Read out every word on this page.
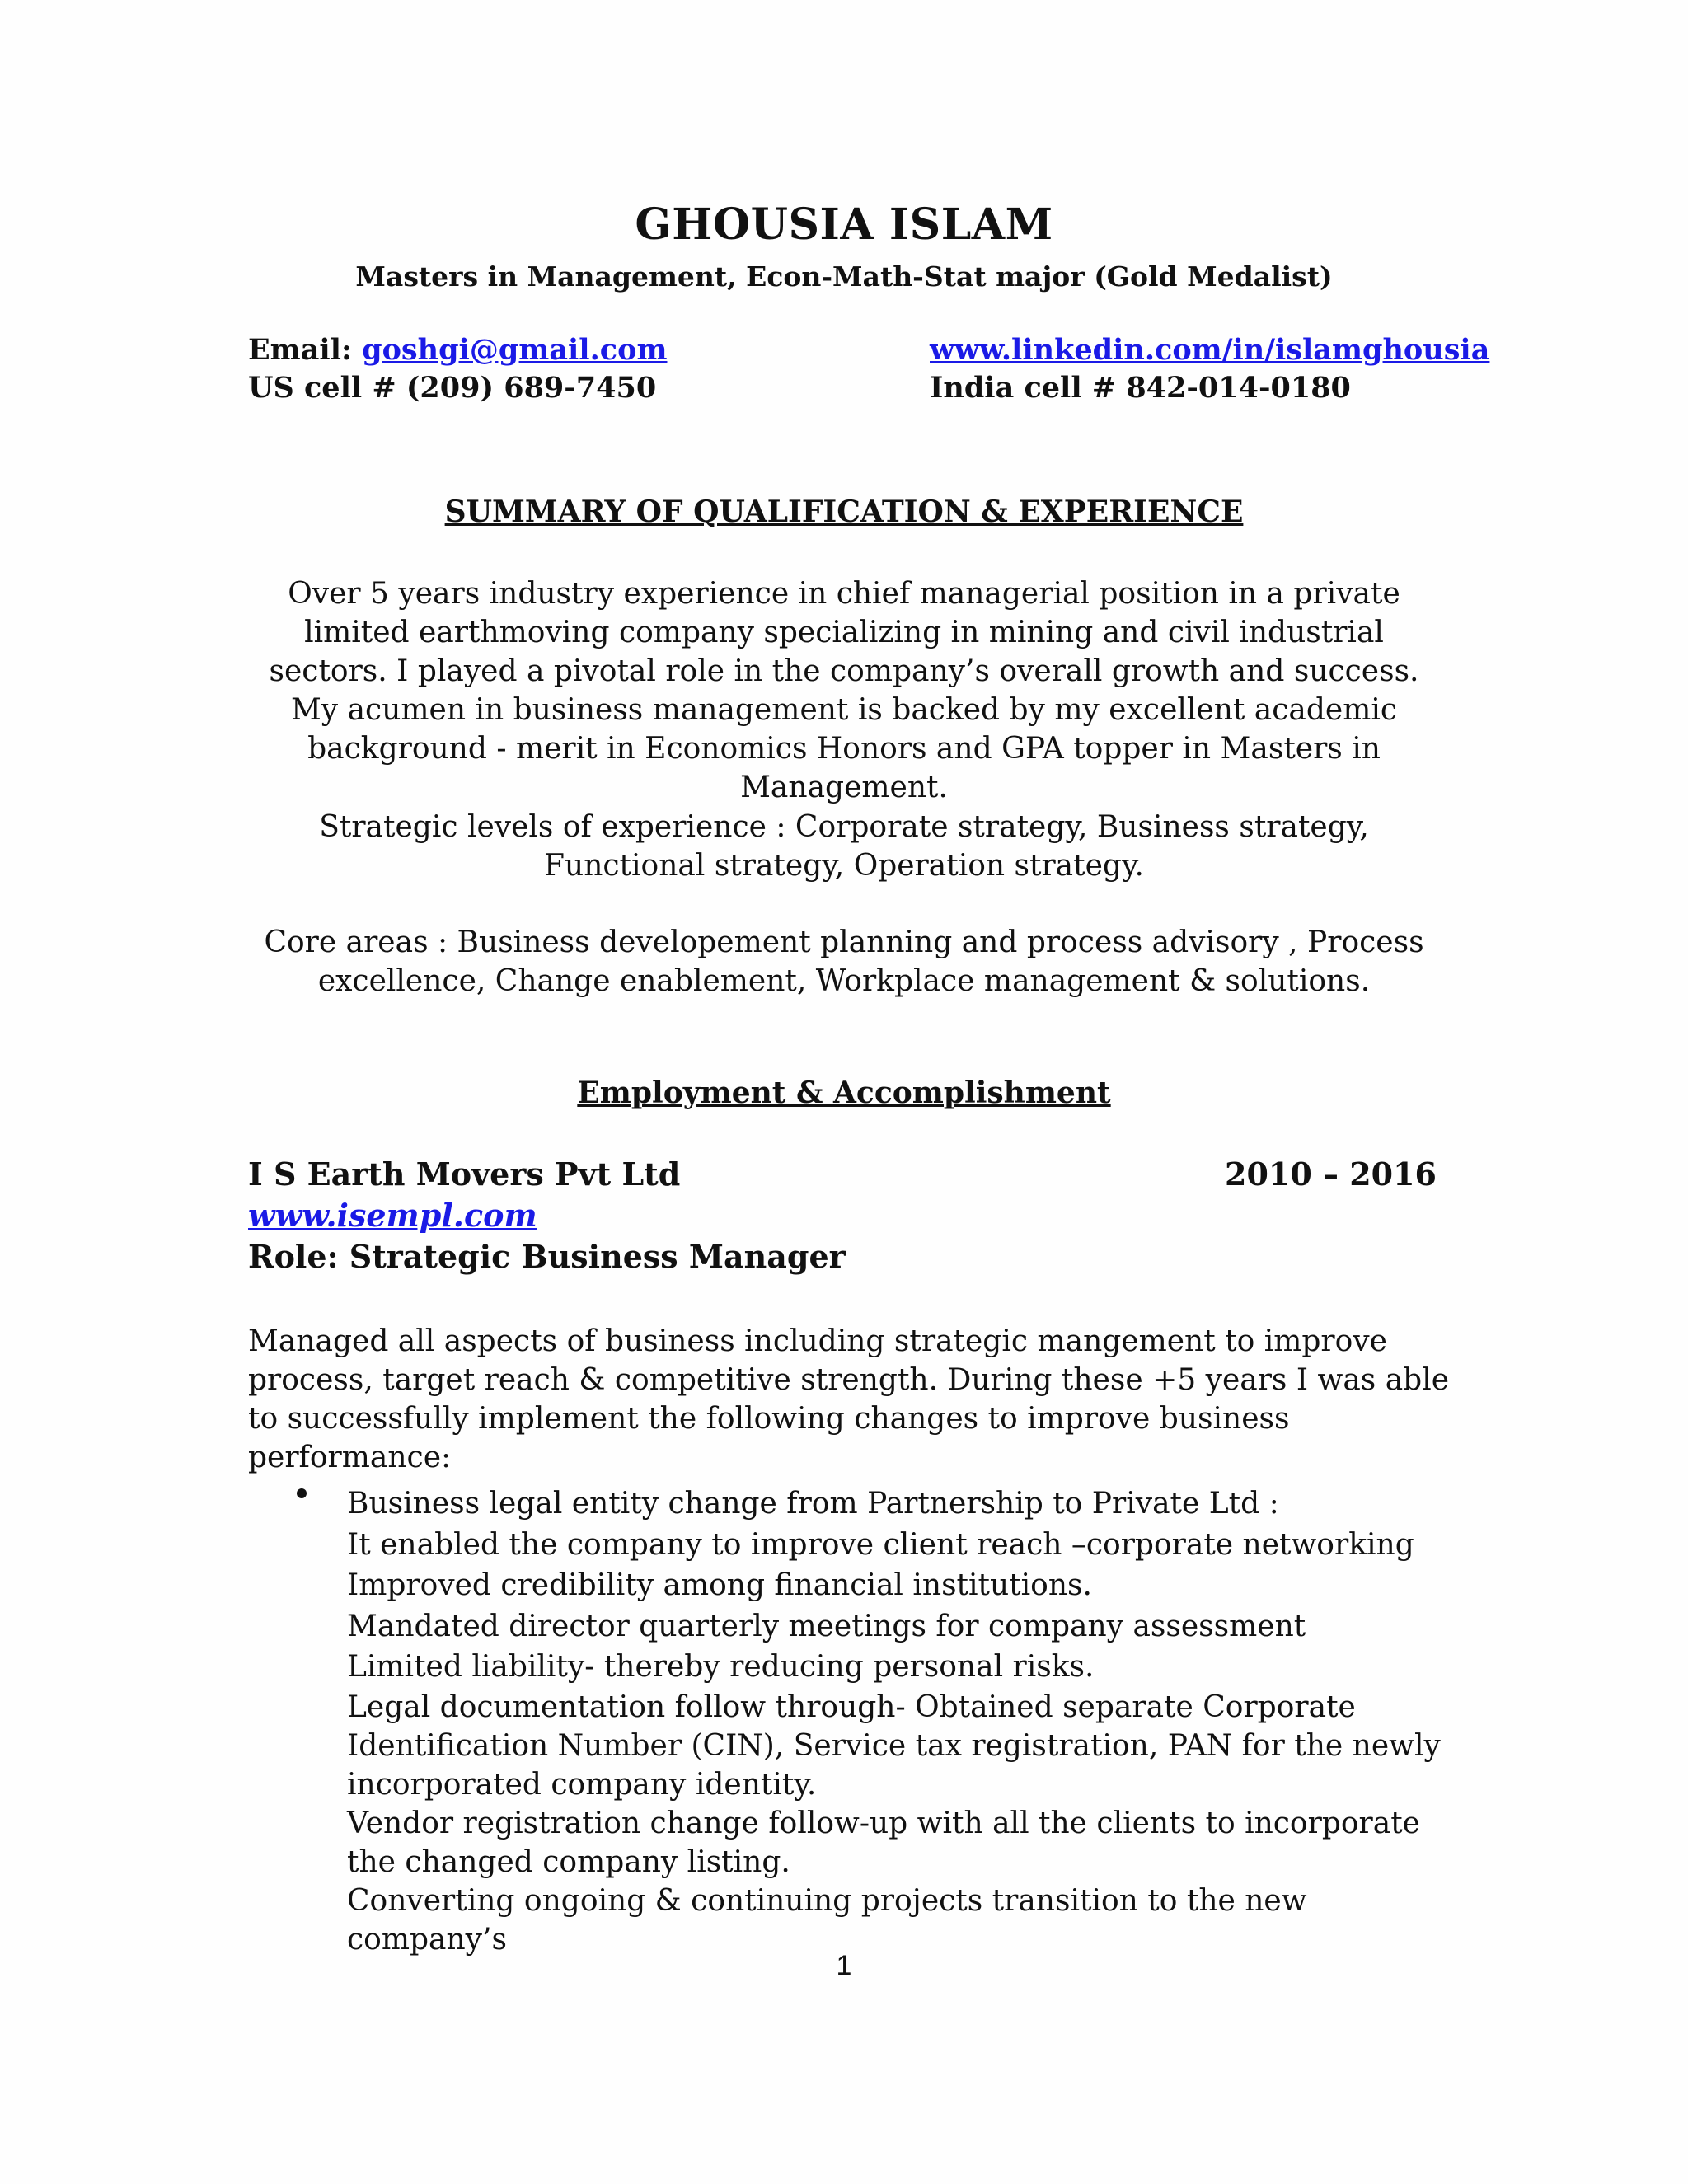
GHOUSIA ISLAM
Masters in Management, Econ-Math-Stat major (Gold Medalist)
Email: goshgi@gmail.com	www.linkedin.com/in/islamghousia
US cell # (209) 689-7450	India cell # 842-014-0180
SUMMARY OF QUALIFICATION & EXPERIENCE
Over 5 years industry experience in chief managerial position in a private limited earthmoving company specializing in mining and civil industrial sectors. I played a pivotal role in the company’s overall growth and success. My acumen in business management is backed by my excellent academic background - merit in Economics Honors and GPA topper in Masters in Management.
Strategic levels of experience : Corporate strategy, Business strategy, Functional strategy, Operation strategy.
Core areas : Business developement planning and process advisory , Process excellence, Change enablement, Workplace management & solutions.
Employment & Accomplishment
I S Earth Movers Pvt Ltd	2010 – 2016
www.isempl.com
Role: Strategic Business Manager
Managed all aspects of business including strategic mangement to improve process, target reach & competitive strength. During these +5 years I was able to successfully implement the following changes to improve business performance:
Business legal entity change from Partnership to Private Ltd :
It enabled the company to improve client reach –corporate networking
Improved credibility among financial institutions.
Mandated director quarterly meetings for company assessment
Limited liability- thereby reducing personal risks.
Legal documentation follow through- Obtained separate Corporate Identification Number (CIN), Service tax registration, PAN for the newly incorporated company identity.
Vendor registration change follow-up with all the clients to incorporate the changed company listing.
Converting ongoing & continuing projects transition to the new company’s
1
